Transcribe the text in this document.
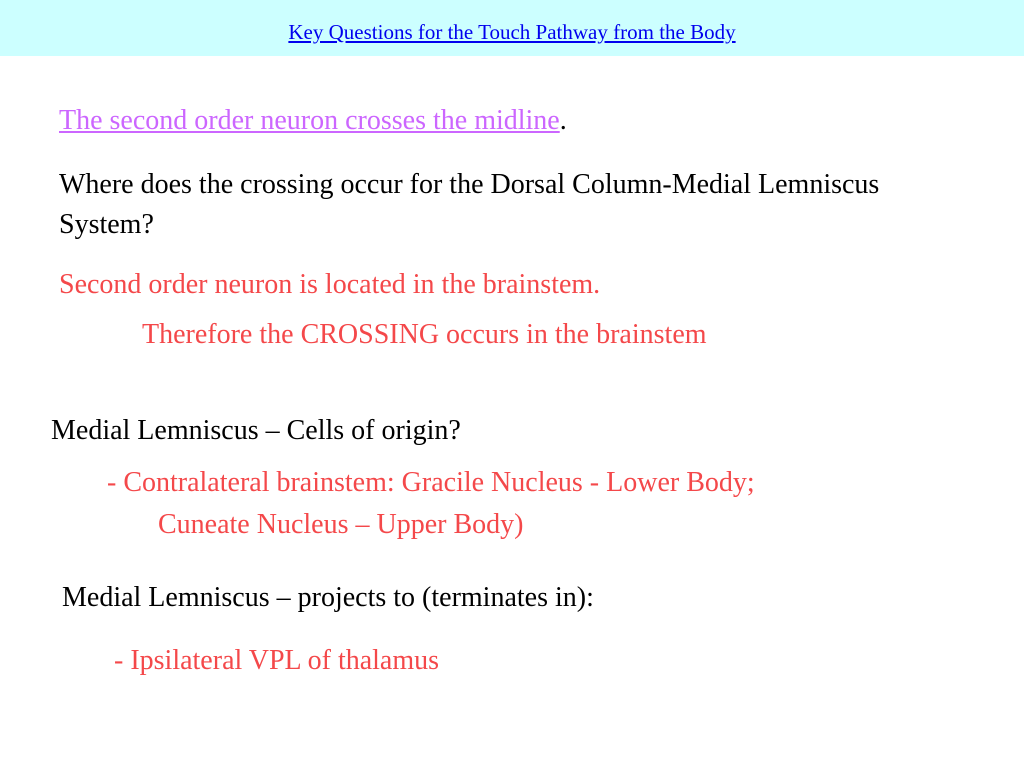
Key Questions for the Touch Pathway from the Body
The second order neuron crosses the midline.
Where does the crossing occur for the Dorsal Column-Medial Lemniscus System?
Second order neuron is located in the brainstem.
Therefore the CROSSING occurs in the brainstem
Medial Lemniscus – Cells of origin?
- Contralateral brainstem: Gracile Nucleus - Lower Body;
Cuneate Nucleus – Upper Body)
Medial Lemniscus – projects to (terminates in):
- Ipsilateral VPL of thalamus
